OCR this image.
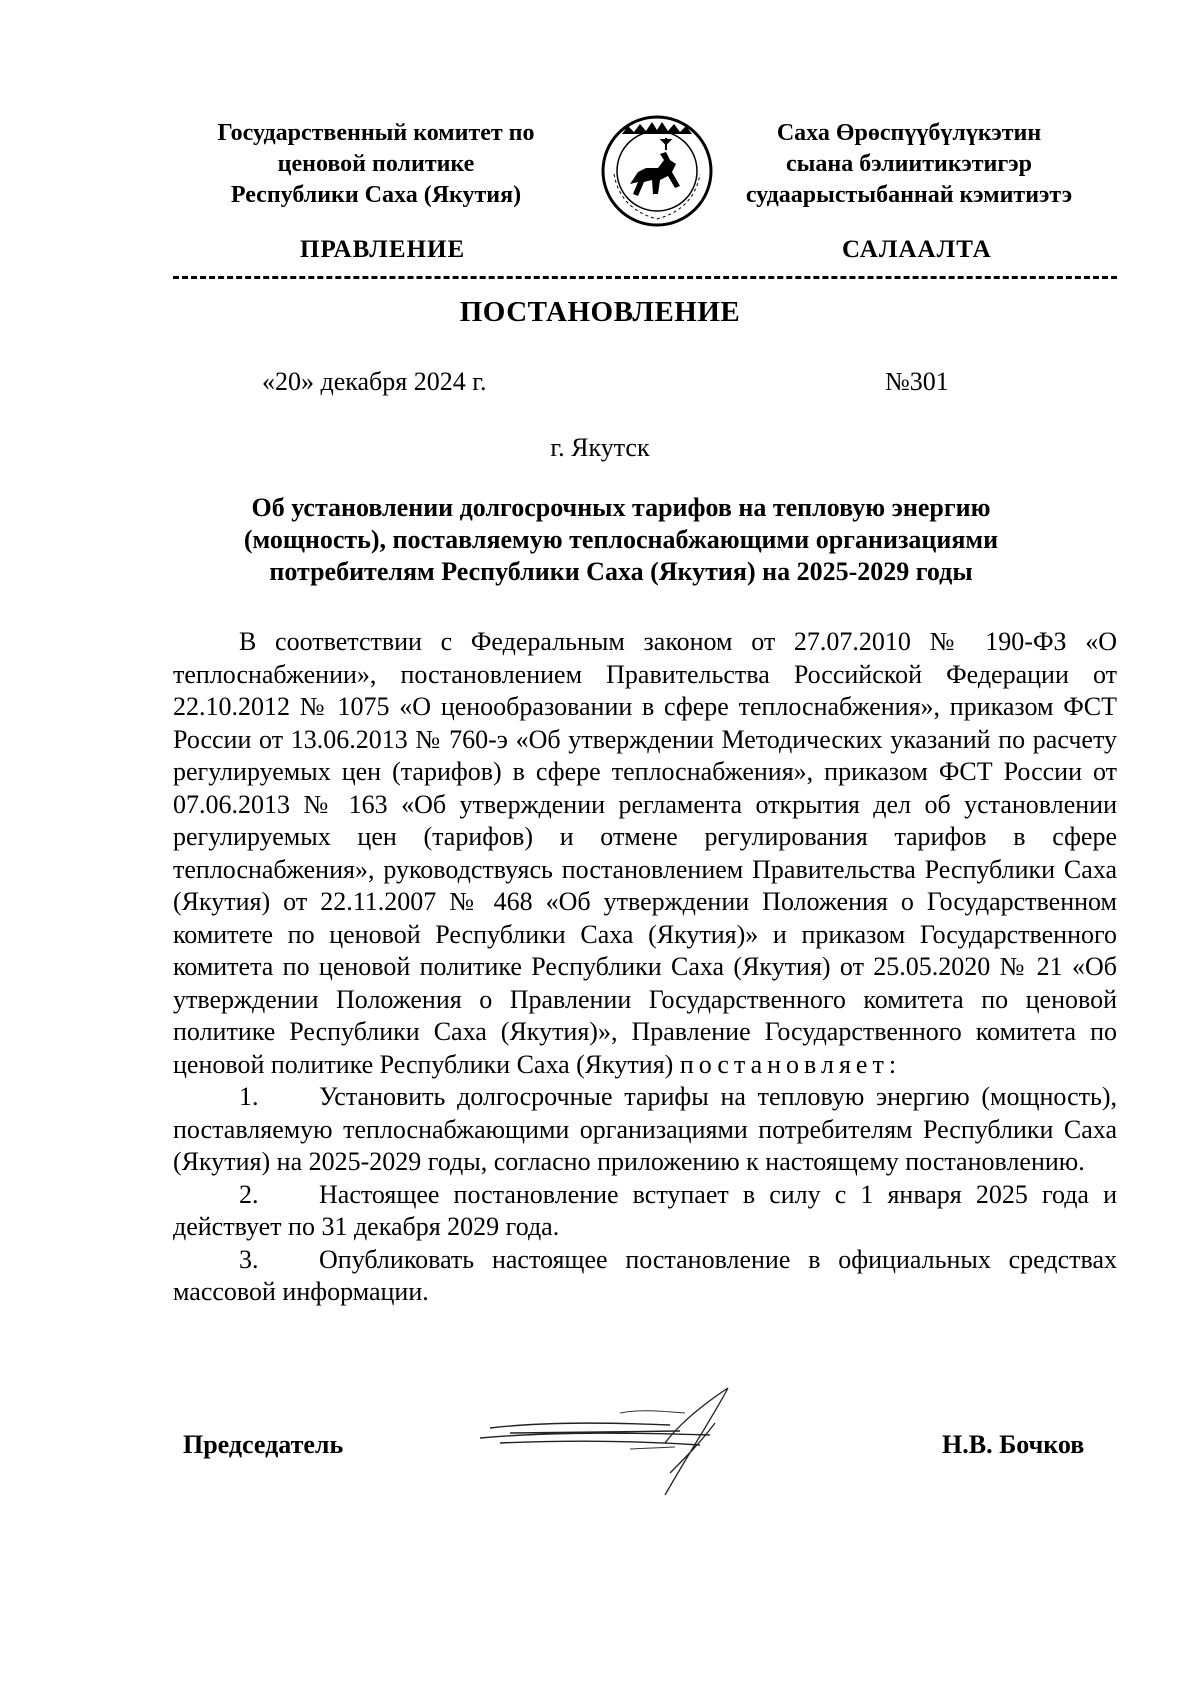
Государственный комитет по
ценовой политике
Республики Саха (Якутия)
Саха Өрөспүүбүлүкэтин
сыана бэлиитикэтигэр
судаарыстыбаннай кэмитиэтэ
ПРАВЛЕНИЕ	САЛААЛТА
ПОСТАНОВЛЕНИЕ
«20» декабря 2024 г.	№301
г. Якутск
Об установлении долгосрочных тарифов на тепловую энергию (мощность), поставляемую теплоснабжающими организациями потребителям Республики Саха (Якутия) на 2025-2029 годы

В соответствии с Федеральным законом от 27.07.2010 № 190-ФЗ «О теплоснабжении», постановлением Правительства Российской Федерации от 22.10.2012 № 1075 «О ценообразовании в сфере теплоснабжения», приказом ФСТ России от 13.06.2013 № 760-э «Об утверждении Методических указаний по расчету регулируемых цен (тарифов) в сфере теплоснабжения», приказом ФСТ России от 07.06.2013 № 163 «Об утверждении регламента открытия дел об установлении регулируемых цен (тарифов) и отмене регулирования тарифов в сфере теплоснабжения», руководствуясь постановлением Правительства Республики Саха (Якутия) от 22.11.2007 № 468 «Об утверждении Положения о Государственном комитете по ценовой Республики Саха (Якутия)» и приказом Государственного комитета по ценовой политике Республики Саха (Якутия) от 25.05.2020 № 21 «Об утверждении Положения о Правлении Государственного комитета по ценовой политике Республики Саха (Якутия)», Правление Государственного комитета по ценовой политике Республики Саха (Якутия) постановляет:

1. Установить долгосрочные тарифы на тепловую энергию (мощность), поставляемую теплоснабжающими организациями потребителям Республики Саха (Якутия) на 2025-2029 годы, согласно приложению к настоящему постановлению.

2. Настоящее постановление вступает в силу с 1 января 2025 года и действует по 31 декабря 2029 года.

3. Опубликовать настоящее постановление в официальных средствах массовой информации.

Председатель	Н.В. Бочков
